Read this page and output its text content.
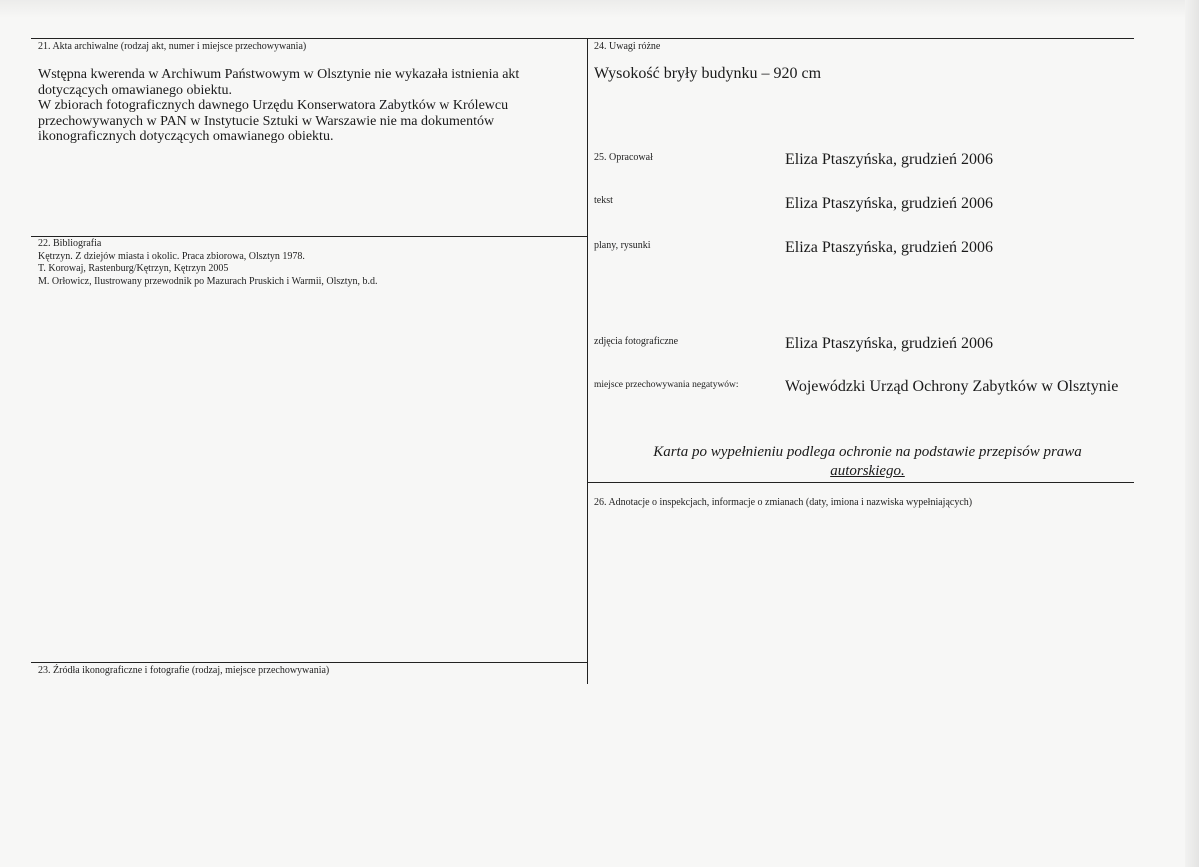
21. Akta archiwalne (rodzaj akt, numer i miejsce przechowywania)
Wstępna kwerenda w Archiwum Państwowym w Olsztynie nie wykazała istnienia akt
dotyczących omawianego obiektu.
W zbiorach fotograficznych dawnego Urzędu Konserwatora Zabytków w Królewcu
przechowywanych w PAN w Instytucie Sztuki w Warszawie nie ma dokumentów
ikonograficznych dotyczących omawianego obiektu.
22. Bibliografia
Kętrzyn. Z dziejów miasta i okolic. Praca zbiorowa, Olsztyn 1978.
T. Korowaj, Rastenburg/Kętrzyn, Kętrzyn 2005
M. Orłowicz, Ilustrowany przewodnik po Mazurach Pruskich i Warmii, Olsztyn, b.d.
23. Źródła ikonograficzne i fotografie (rodzaj, miejsce przechowywania)
24. Uwagi różne
Wysokość bryły budynku – 920 cm
25. Opracował	Eliza Ptaszyńska, grudzień 2006
tekst	Eliza Ptaszyńska, grudzień 2006
plany, rysunki	Eliza Ptaszyńska, grudzień 2006
zdjęcia fotograficzne	Eliza Ptaszyńska, grudzień 2006
miejsce przechowywania negatywów:	Wojewódzki Urząd Ochrony Zabytków w Olsztynie
Karta po wypełnieniu podlega ochronie na podstawie przepisów prawa
autorskiego.
26. Adnotacje o inspekcjach, informacje o zmianach (daty, imiona i nazwiska wypełniających)
